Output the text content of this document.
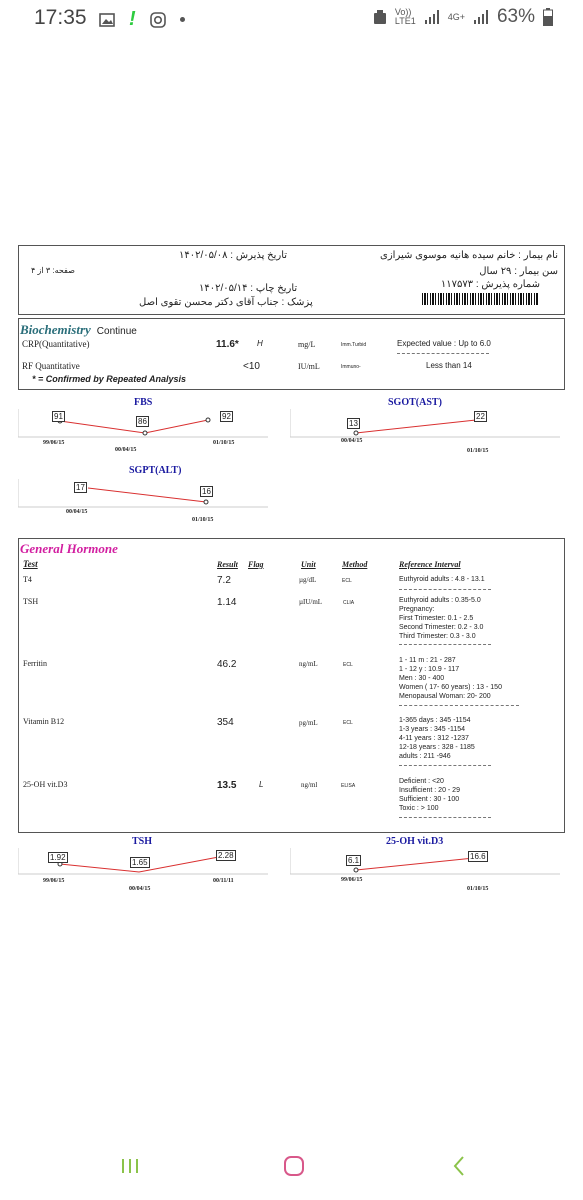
17:35 !	Vo))
LTE1	4G+ 63%
نام بیمار : خانم سیده هانیه موسوی شیرازی
تاریخ پذیرش : ۱۴۰۲/۰۵/۰۸
سن بیمار : ۲۹ سال
صفحه: ۳ از ۴
شماره پذیرش : ۱۱۷۵۷۳
تاریخ چاپ : ۱۴۰۲/۰۵/۱۴
پزشک : جناب آقای دکتر محسن تقوی اصل
Biochemistry Continue
CRP(Quantitative)	11.6* H	mg/L	Imm.Turbid	Expected value : Up to 6.0
RF Quantitative	<10	IU/mL	Immuno-	Less than 14
* = Confirmed by Repeated Analysis
FBS
91
86
92
99/06/15
00/04/15
01/10/15
SGOT(AST)
13
22
00/04/15
01/10/15
SGPT(ALT)
17	16
00/04/15
01/10/15
General Hormone
Test	Result Flag	Unit	Method	Reference Interval
T4	7.2	µg/dL	ECL	Euthyroid adults : 4.8 - 13.1
TSH	1.14	µIU/mL	CLIA	Euthyroid adults : 0.35-5.0
Pregnancy:
First Trimester: 0.1 - 2.5
Second Trimester: 0.2 - 3.0
Third Trimester: 0.3 - 3.0
Ferritin	46.2	ng/mL	ECL
1 - 11 m : 21 - 287
1 - 12 y : 10.9 - 117
Men : 30 - 400
Women ( 17- 60 years) : 13 - 150
Menopausal Woman: 20- 200
Vitamin B12	354	pg/mL	ECL	1-365 days : 345 -1154
1-3 years : 345 -1154
4-11 years : 312 -1237
12-18 years : 328 - 1185
adults : 211 -946
25-OH vit.D3	13.5	L	ng/ml	ELISA
Deficient : <20
Insufficient : 20 - 29
Sufficient : 30 - 100
Toxic : > 100
TSH
1.92
1.65
2.28
99/06/15
00/04/15
00/11/11
25-OH vit.D3
6.1	16.6
99/06/15
01/10/15
